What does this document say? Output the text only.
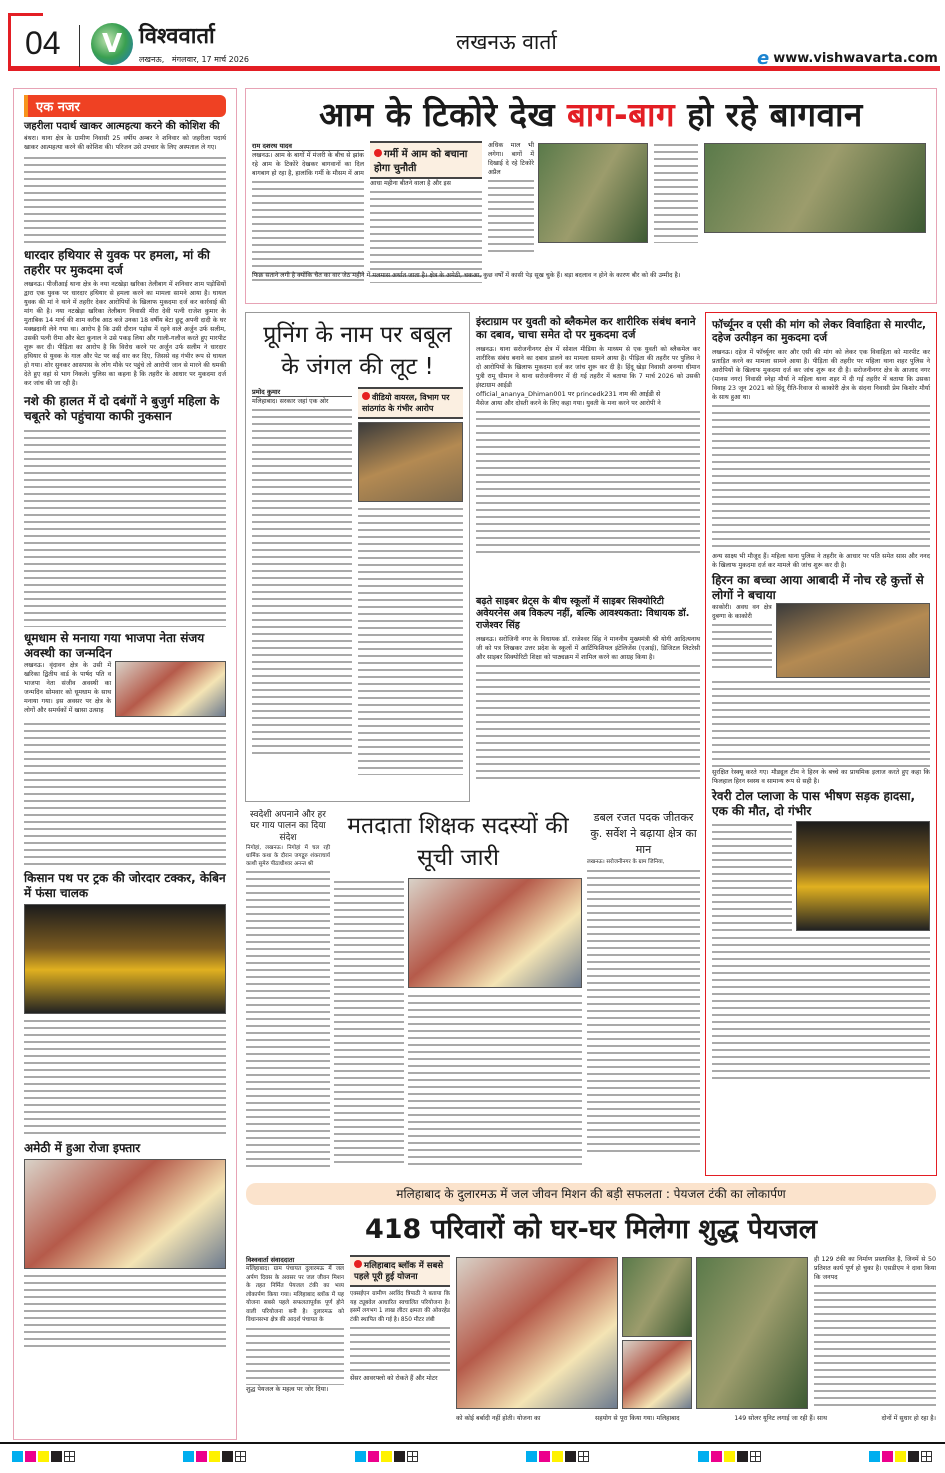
04	V विश्ववार्ता
लखनऊ,   मंगलवार, 17 मार्च 2026
लखनऊ वार्ता
e www.vishwavarta.com
एक नजर
जहरीला पदार्थ खाकर आत्महत्या करने की कोशिश की
बंथरा। थाना क्षेत्र के ग्रामीण निवासी 25 वर्षीय अम्बर ने शनिवार को जहरीला पदार्थ खाकर आत्महत्या करने की कोशिश की। परिजन उसे उपचार के लिए अस्पताल ले गए।
धारदार हथियार से युवक पर हमला, मां की तहरीर पर मुकदमा दर्ज
लखनऊ। पीजीआई थाना क्षेत्र के नया नटखेड़ा खरिका तेलीबाग में शनिवार शाम पड़ोसियों द्वारा एक युवक पर धारदार हथियार से हमला करने का मामला सामने आया है। घायल युवक की मां ने थाने में तहरीर देकर आरोपियों के खिलाफ मुकदमा दर्ज कर कार्रवाई की मांग की है। नया नटखेड़ा खरिका तेलीबाग निवासी मीरा देवी पत्नी राजेश कुमार के मुताबिक 14 मार्च की शाम करीब आठ बजे उनका 18 वर्षीय बेटा छुटू अपनी दादी के घर मक्खदानी लेने गया था। आरोप है कि उसी दौरान पड़ोस में रहने वाले अर्जुन उर्फ सलीम, उसकी पत्नी रीमा और बेटा कुनाल ने उसे पकड़ लिया और गाली-गलौज करते हुए मारपीट शुरू कर दी। पीड़िता का आरोप है कि विरोध करने पर अर्जुन उर्फ सलीम ने धारदार हथियार से युवक के गाल और पेट पर कई वार कर दिए, जिससे वह गंभीर रूप से घायल हो गया। शोर सुनकर आसपास के लोग मौके पर पहुंचे तो आरोपी जान से मारने की धमकी देते हुए वहां से भाग निकले। पुलिस का कहना है कि तहरीर के आधार पर मुकदमा दर्ज कर जांच की जा रही है।
नशे की हालत में दो दबंगों ने बुजुर्ग महिला के चबूतरे को पहुंचाया काफी नुकसान
धूमधाम से मनाया गया भाजपा नेता संजय अवस्थी का जन्मदिन
लखनऊ। वृंदावन क्षेत्र के उसी में खरिका द्वितीय वार्ड के पार्षद पति व भाजपा नेता संजीव अवस्थी का जन्मदिन सोमवार को धूमधाम के साथ मनाया गया। इस अवसर पर क्षेत्र के लोगों और समर्थकों में खासा उत्साह
किसान पथ पर ट्रक की जोरदार टक्कर, केबिन में फंसा चालक
अमेठी में हुआ रोजा इफ्तार
आम के टिकोरे देख बाग-बाग हो रहे बागवान
राम दशरथ यादव
लखनऊ। आम के बागों में मंजरी के बीच से झांक रहे आम के टिकोरे देखकर बागवानों का दिल बागबाग हो रहा है, हालांकि गर्मी के मौसम में आम
गर्मी में आम को बचाना होगा चुनौती
आधा महीना बीतने वाला है और इस
अधिक माल भी लगेगा। बागों में दिखाई दे रहे टिकोरे अप्रैल
फिक्र सताने लगी है क्योंकि चैत का वार जेठ महीने में मलमास अर्थात जाता है। क्षेत्र के अमेठी, चकआ, कुछ वर्षों में कासी पेड़ सूख चुके हैं। बड़ा बदलाव न होने के कारण बौर को की उम्मीद है।
प्रूनिंग के नाम पर बबूल के जंगल की लूट !
प्रमोद कुमार
मलिहाबाद। सरकार जहां एक ओर	वीडियो वायरल, विभाग पर सांठगांठ के गंभीर आरोप
इंस्टाग्राम पर युवती को ब्लैकमेल कर शारीरिक संबंध बनाने का दबाव, चाचा समेत दो पर मुकदमा दर्ज
लखनऊ। थाना सरोजनीनगर क्षेत्र में सोशल मीडिया के माध्यम से एक युवती को ब्लैकमेल कर शारीरिक संबंध बनाने का दबाव डालने का मामला सामने आया है। पीड़िता की तहरीर पर पुलिस ने दो आरोपियों के खिलाफ मुकदमा दर्ज कर जांच शुरू कर दी है। हिंदू खेड़ा निवासी अनन्या धीमान पुत्री रामू धीमान ने थाना सरोजनीनगर में दी गई तहरीर में बताया कि 7 मार्च 2026 को उसकी इंस्टाग्राम आईडी
official_ananya_Dhiman001 पर princedk231 नाम की आईडी से
मैसेज आया और दोस्ती करने के लिए कहा गया। युवती के मना करने पर आरोपी ने
बढ़ते साइबर थ्रेट्स के बीच स्कूलों में साइबर सिक्योरिटी अवेयरनेस अब विकल्प नहीं, बल्कि आवश्यकता: विधायक डॉ. राजेश्वर सिंह
लखनऊ। सरोजिनी नगर के विधायक डॉ. राजेश्वर सिंह ने माननीय मुख्यमंत्री श्री योगी आदित्यनाथ जी को पत्र लिखकर उत्तर प्रदेश के स्कूलों में आर्टिफिशियल इंटेलिजेंस (एआई), डिजिटल लिटरेसी और साइबर सिक्योरिटी शिक्षा को पाठ्यक्रम में शामिल करने का आग्रह किया है।
फॉर्च्यूनर व एसी की मांग को लेकर विवाहिता से मारपीट, दहेज उत्पीड़न का मुकदमा दर्ज
लखनऊ। दहेज में फॉर्च्यूनर कार और एसी की मांग को लेकर एक विवाहिता को मारपीट कर प्रताड़ित करने का मामला सामने आया है। पीड़िता की तहरीर पर महिला थाना शहर पुलिस ने आरोपियों के खिलाफ मुकदमा दर्ज कर जांच शुरू कर दी है। सरोजनीनगर क्षेत्र के आजाद नगर (मानस नगर) निवासी स्नेहा मौर्या ने महिला थाना शहर में दी गई तहरीर में बताया कि उसका विवाह 23 जून 2021 को हिंदू रीति-रिवाज से काकोरी क्षेत्र के संदना निवासी प्रेम किशोर मौर्या के साथ हुआ था।
अन्य साक्ष्य भी मौजूद हैं। महिला थाना पुलिस ने तहरीर के आधार पर पति समेत सास और ननद के खिलाफ मुकदमा दर्ज कर मामले की जांच शुरू कर दी है।
हिरन का बच्चा आया आबादी में नोच रहे कुत्तों से लोगों ने बचाया
काकोरी। अवध वन क्षेत्र दुबग्गा के काकोरी
सुरक्षित रेस्क्यू करते गए। मौड्यूल टीम ने हिरन के बच्चे का प्राथमिक इलाज करते हुए कहा कि फिलहाल हिरन स्वस्थ व सामान्य रूप से सही है।
रेवरी टोल प्लाजा के पास भीषण सड़क हादसा, एक की मौत, दो गंभीर
स्वदेशी अपनाने और हर घर गाय पालन का दिया संदेश
निगोहां, लखनऊ। निगोहां में चल रही धार्मिक कथा के दौरान जगद्गुरु शंकराचार्य काशी सुमेरु पीठाधीश्वर अनन्त श्री
मतदाता शिक्षक सदस्यों की सूची जारी
डबल रजत पदक जीतकर कु. सर्वेश ने बढ़ाया क्षेत्र का मान
लखनऊ। सरोजनीनगर के ग्राम जिनिया,
मलिहाबाद के दुलारमऊ में जल जीवन मिशन की बड़ी सफलता : पेयजल टंकी का लोकार्पण
418 परिवारों को घर-घर मिलेगा शुद्ध पेयजल
विश्ववार्ता संवाददाता
मलिहाबाद। ग्राम पंचायत दुलारमऊ में जल अर्पण दिवस के अवसर पर जल जीवन मिशन के तहत निर्मित पेयजल टंकी का भव्य लोकार्पण किया गया। मलिहाबाद ब्लॉक में यह योजना सबसे पहले सफलतापूर्वक पूर्ण होने वाली परियोजना बनी है। दुलारमऊ को विधानसभा क्षेत्र की आदर्श पंचायत के
शुद्ध पेयजल के महत्व पर जोर दिया।
मलिहाबाद ब्लॉक में सबसे पहले पूरी हुई योजना
एक्सईएन ग्रामीण अरविंद त्रिपाठी ने बताया कि यह ट्यूबवेल आधारित स्वचालित परियोजना है। इसमें लगभग 1 लाख लीटर क्षमता की ओवरहेड टंकी स्थापित की गई है। 850 मीटर लंबी
सेंसर आवरफ्लो को रोकते हैं और मोटर
ही 129 टंकी का निर्माण प्रस्तावित है, जिनमें से 50 प्रतिशत कार्य पूर्ण हो चुका है। एसडीएम ने दावा किया कि जनपद
को कोई बर्बादी नहीं होती। योजना का	सहयोग से पूरा किया गया। मलिहाबाद	149 सोलर यूनिट लगाई जा रही हैं। साथ	दोनों में सुधार हो रहा है।
